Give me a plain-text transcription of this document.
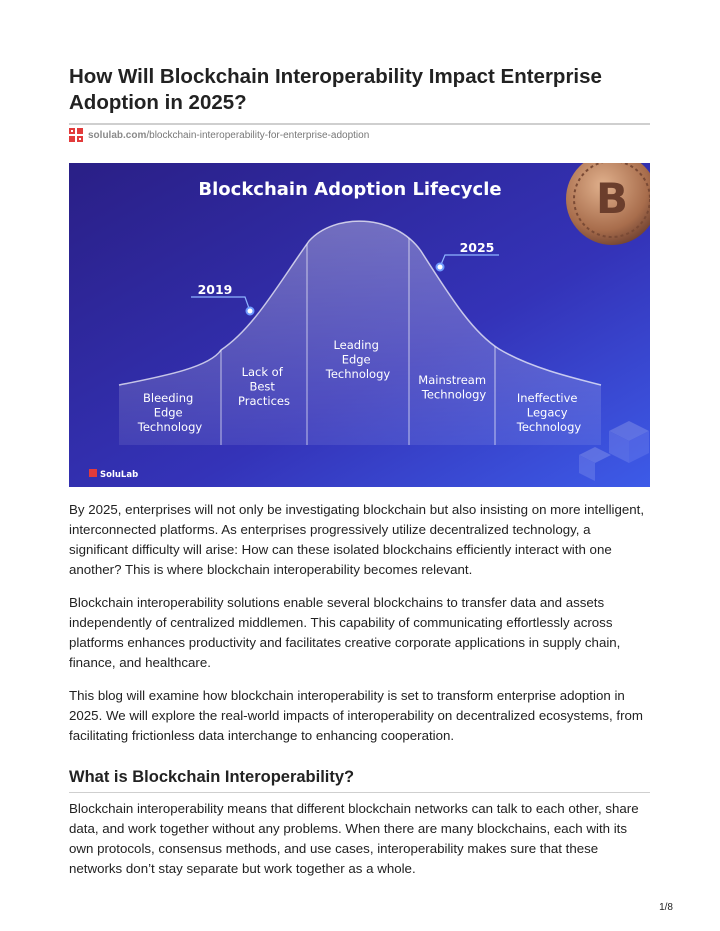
How Will Blockchain Interoperability Impact Enterprise Adoption in 2025?
solulab.com/blockchain-interoperability-for-enterprise-adoption
B
Blockchain Adoption Lifecycle
2019
2025
Bleeding Edge Technology
Lack of Best Practices
Leading Edge Technology Mainstream Technology	Ineffective Legacy Technology
SoluLab

By 2025, enterprises will not only be investigating blockchain but also insisting on more intelligent, interconnected platforms. As enterprises progressively utilize decentralized technology, a significant difficulty will arise: How can these isolated blockchains efficiently interact with one another? This is where blockchain interoperability becomes relevant.

Blockchain interoperability solutions enable several blockchains to transfer data and assets independently of centralized middlemen. This capability of communicating effortlessly across platforms enhances productivity and facilitates creative corporate applications in supply chain, finance, and healthcare.

This blog will examine how blockchain interoperability is set to transform enterprise adoption in 2025. We will explore the real-world impacts of interoperability on decentralized ecosystems, from facilitating frictionless data interchange to enhancing cooperation.

What is Blockchain Interoperability?

Blockchain interoperability means that different blockchain networks can talk to each other, share data, and work together without any problems. When there are many blockchains, each with its own protocols, consensus methods, and use cases, interoperability makes sure that these networks don’t stay separate but work together as a whole.

1/8
